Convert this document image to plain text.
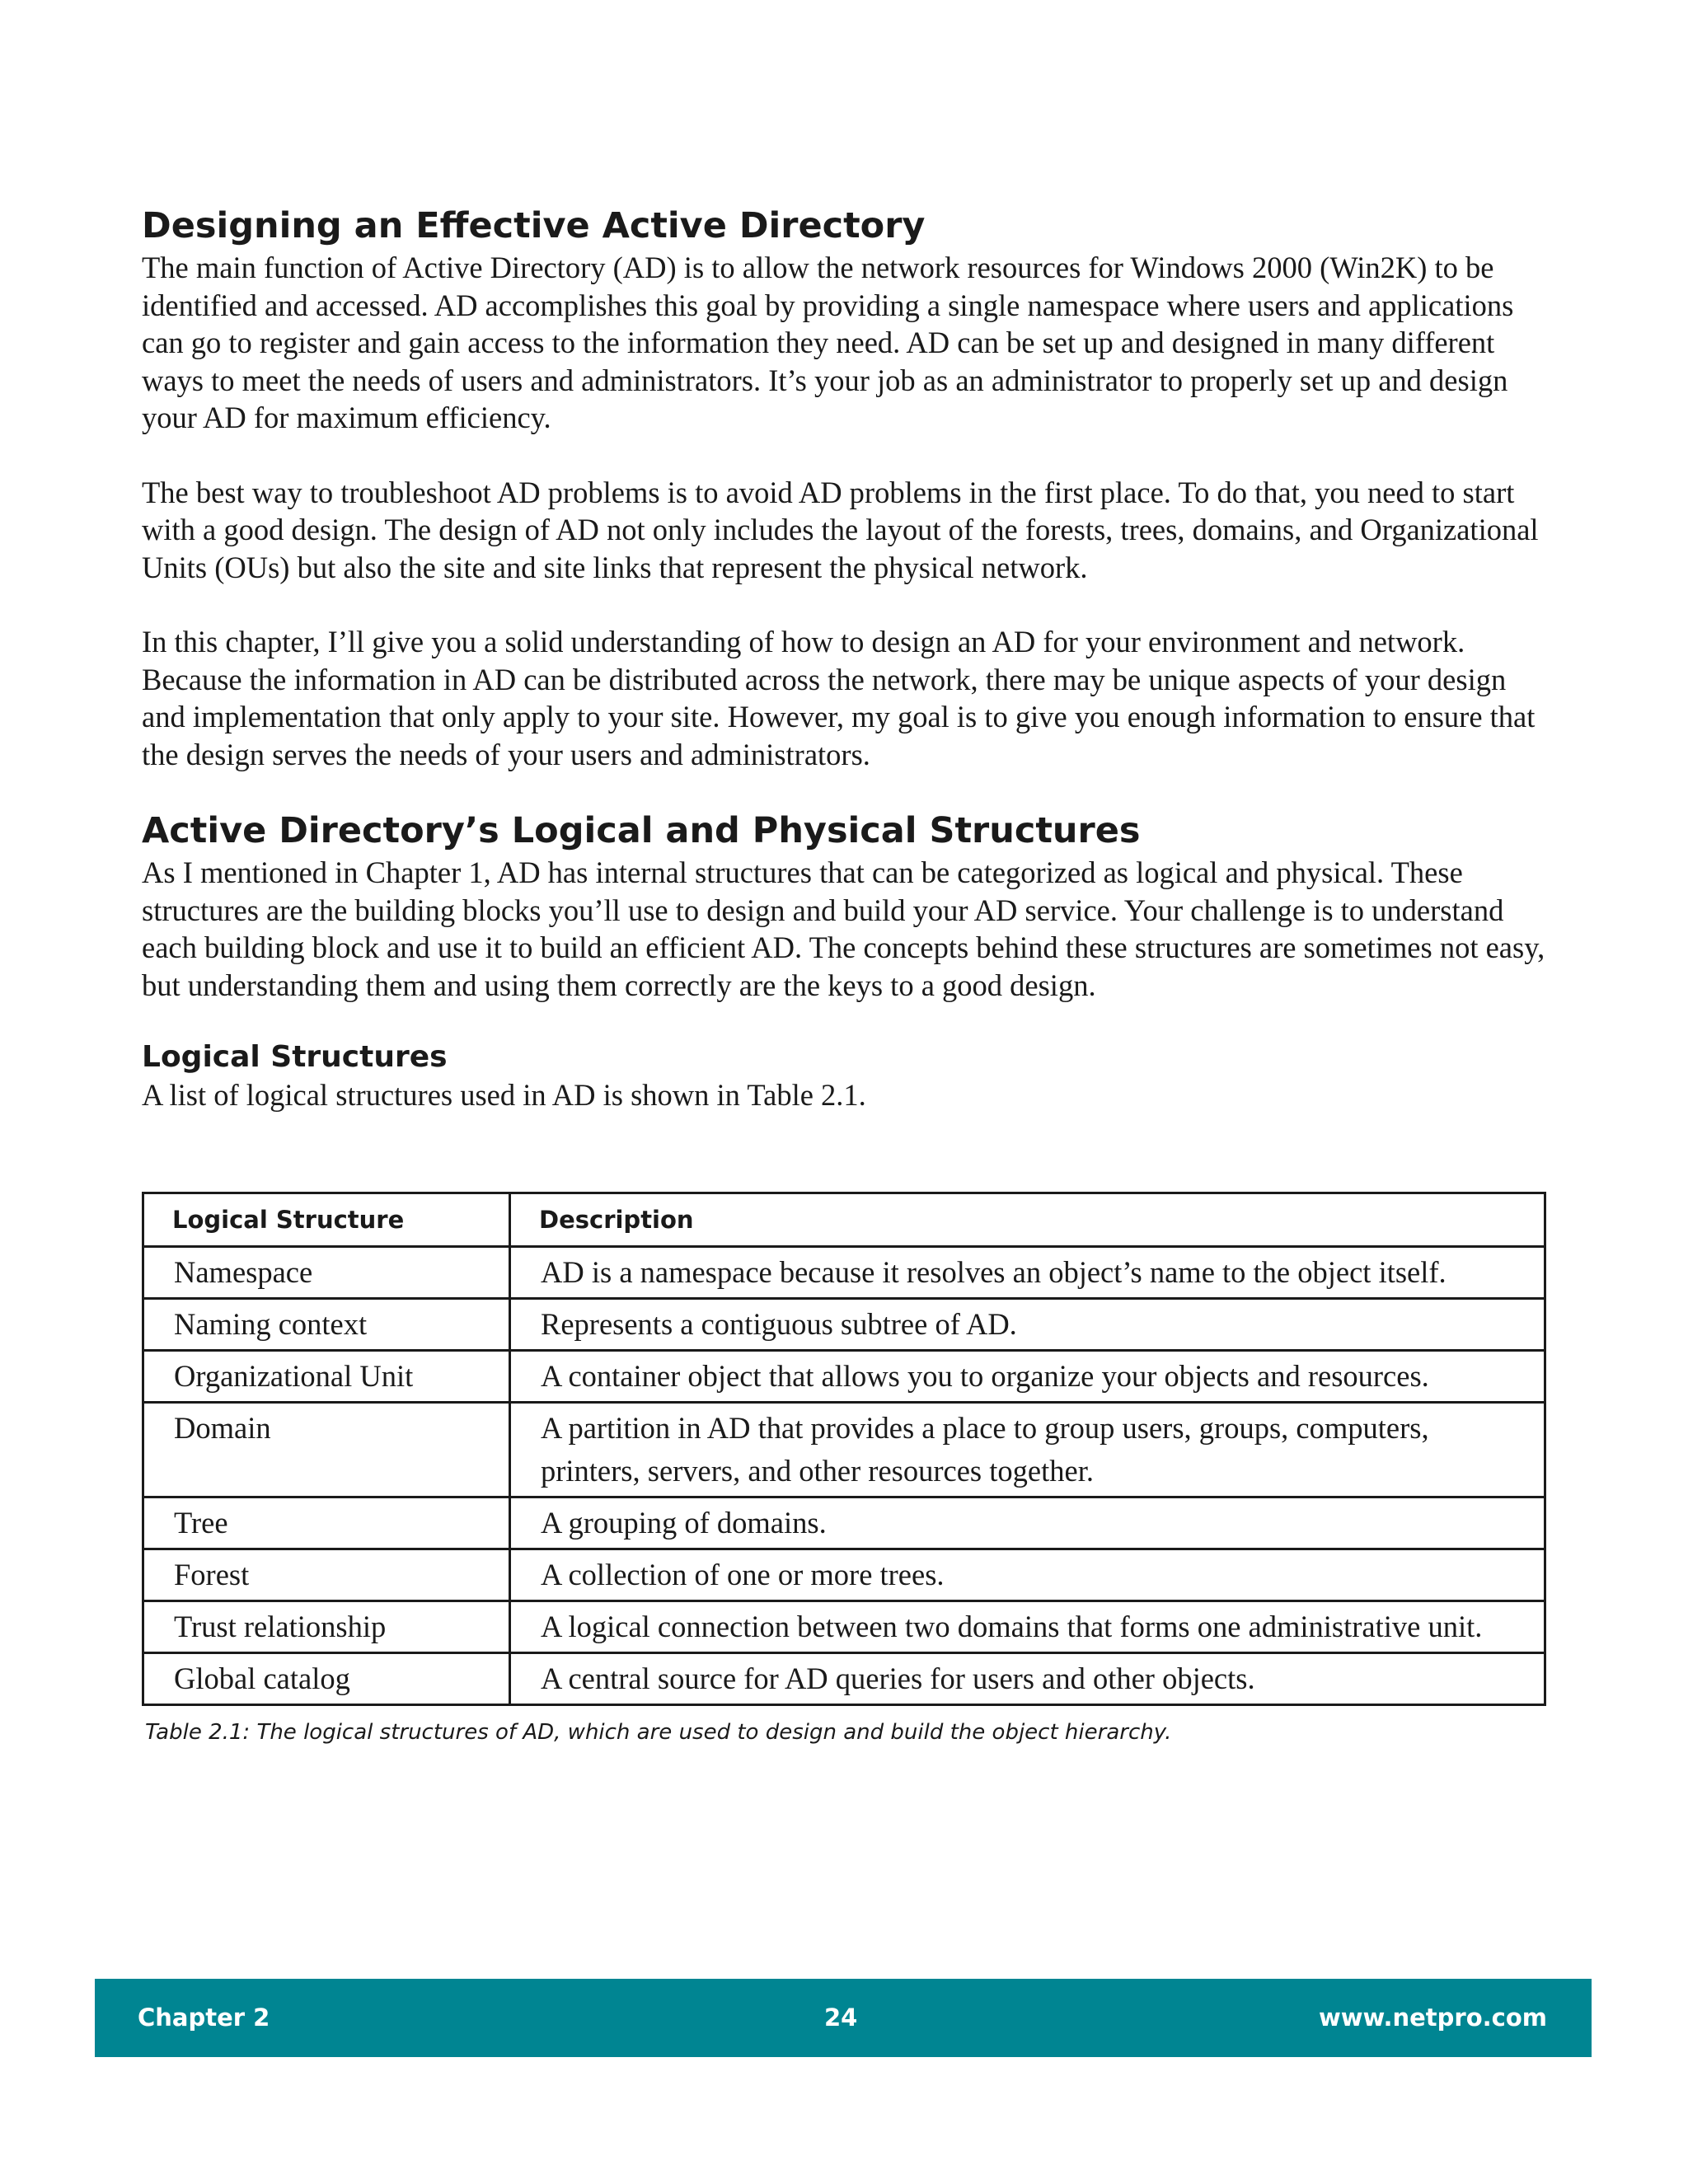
Designing an Effective Active Directory

The main function of Active Directory (AD) is to allow the network resources for Windows 2000 (Win2K) to be identified and accessed. AD accomplishes this goal by providing a single namespace where users and applications can go to register and gain access to the information they need. AD can be set up and designed in many different ways to meet the needs of users and administrators. It’s your job as an administrator to properly set up and design your AD for maximum efficiency.

The best way to troubleshoot AD problems is to avoid AD problems in the first place. To do that, you need to start with a good design. The design of AD not only includes the layout of the forests, trees, domains, and Organizational Units (OUs) but also the site and site links that represent the physical network.

In this chapter, I’ll give you a solid understanding of how to design an AD for your environment and network. Because the information in AD can be distributed across the network, there may be unique aspects of your design and implementation that only apply to your site. However, my goal is to give you enough information to ensure that the design serves the needs of your users and administrators.

Active Directory’s Logical and Physical Structures

As I mentioned in Chapter 1, AD has internal structures that can be categorized as logical and physical. These structures are the building blocks you’ll use to design and build your AD service. Your challenge is to understand each building block and use it to build an efficient AD. The concepts behind these structures are sometimes not easy, but understanding them and using them correctly are the keys to a good design.

Logical Structures

A list of logical structures used in AD is shown in Table 2.1.

Logical Structure	Description
Namespace	AD is a namespace because it resolves an object’s name to the object itself.
Naming context	Represents a contiguous subtree of AD.
Organizational Unit	A container object that allows you to organize your objects and resources.
Domain	A partition in AD that provides a place to group users, groups, computers, printers, servers, and other resources together.
Tree	A grouping of domains.
Forest	A collection of one or more trees.
Trust relationship	A logical connection between two domains that forms one administrative unit.
Global catalog	A central source for AD queries for users and other objects.
Table 2.1: The logical structures of AD, which are used to design and build the object hierarchy.
Chapter 2	24	www.netpro.com
